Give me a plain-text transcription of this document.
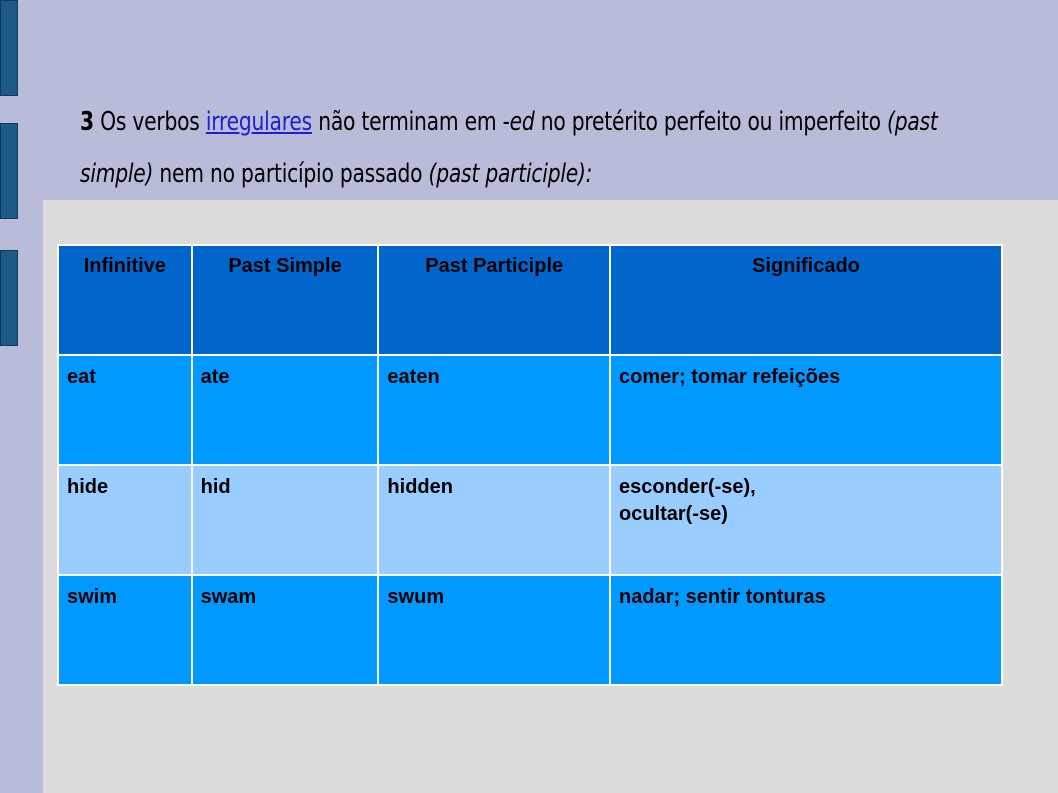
3 Os verbos irregulares não terminam em -ed no pretérito perfeito ou imperfeito (past simple) nem no particípio passado (past participle):
Infinitive	Past Simple	Past Participle	Significado
eat	ate	eaten	comer; tomar refeições
hide	hid	hidden	esconder(-se),
ocultar(-se)
swim	swam	swum	nadar; sentir tonturas
